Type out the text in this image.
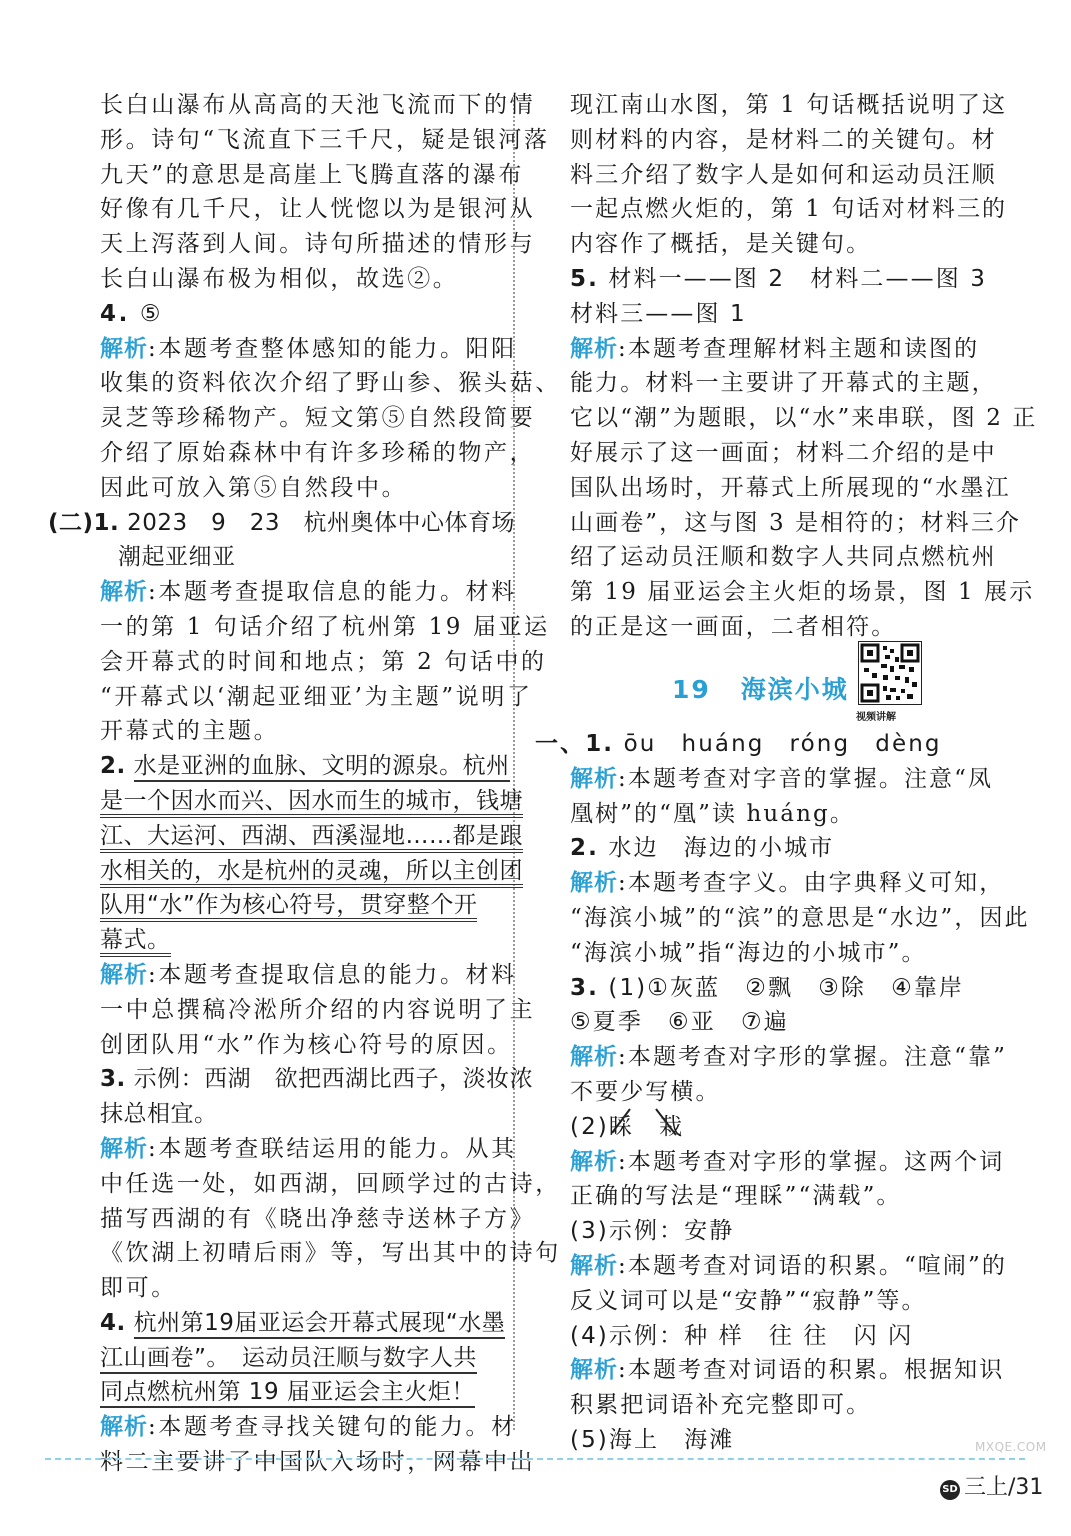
长白山瀑布从高高的天池飞流而下的情
形。诗句“飞流直下三千尺，疑是银河落
九天”的意思是高崖上飞腾直落的瀑布
好像有几千尺，让人恍惚以为是银河从
天上泻落到人间。诗句所描述的情形与
长白山瀑布极为相似，故选②。
4. ⑤
解析:本题考查整体感知的能力。阳阳
收集的资料依次介绍了野山参、猴头菇、
灵芝等珍稀物产。短文第⑤自然段简要
介绍了原始森林中有许多珍稀的物产，
因此可放入第⑤自然段中。
(二)1. 2023　9　23　杭州奥体中心体育场
潮起亚细亚
解析:本题考查提取信息的能力。材料
一的第 1 句话介绍了杭州第 19 届亚运
会开幕式的时间和地点；第 2 句话中的
“开幕式以‘潮起亚细亚’为主题”说明了
开幕式的主题。
2. 水是亚洲的血脉、文明的源泉。杭州
是一个因水而兴、因水而生的城市，钱塘
江、大运河、西湖、西溪湿地……都是跟
水相关的，水是杭州的灵魂，所以主创团
队用“水”作为核心符号，贯穿整个开
幕式。
解析:本题考查提取信息的能力。材料
一中总撰稿冷淞所介绍的内容说明了主
创团队用“水”作为核心符号的原因。
3. 示例：西湖　欲把西湖比西子，淡妆浓
抹总相宜。
解析:本题考查联结运用的能力。从其
中任选一处，如西湖，回顾学过的古诗，
描写西湖的有《晓出净慈寺送林子方》
《饮湖上初晴后雨》等，写出其中的诗句
即可。
4. 杭州第19届亚运会开幕式展现“水墨
江山画卷”。　运动员汪顺与数字人共
同点燃杭州第 19 届亚运会主火炬！
解析:本题考查寻找关键句的能力。材
料二主要讲了中国队入场时，网幕中出
现江南山水图，第 1 句话概括说明了这
则材料的内容，是材料二的关键句。材
料三介绍了数字人是如何和运动员汪顺
一起点燃火炬的，第 1 句话对材料三的
内容作了概括，是关键句。
5. 材料一——图 2　材料二——图 3
材料三——图 1
解析:本题考查理解材料主题和读图的
能力。材料一主要讲了开幕式的主题，
它以“潮”为题眼，以“水”来串联，图 2 正
好展示了这一画面；材料二介绍的是中
国队出场时，开幕式上所展现的“水墨江
山画卷”，这与图 3 是相符的；材料三介
绍了运动员汪顺和数字人共同点燃杭州
第 19 届亚运会主火炬的场景，图 1 展示
的正是这一画面，二者相符。
19 海滨小城
视频讲解
一、1. ōu　huáng　róng　dèng
解析:本题考查对字音的掌握。注意“凤
凰树”的“凰”读 huáng。
2. 水边　海边的小城市
解析:本题考查字义。由字典释义可知，
“海滨小城”的“滨”的意思是“水边”，因此
“海滨小城”指“海边的小城市”。
3. (1)①灰蓝　②飘　③除　④靠岸
⑤夏季　⑥亚　⑦遍
解析:本题考查对字形的掌握。注意“靠”
不要少写横。
(2)睬　栽
解析:本题考查对字形的掌握。这两个词
正确的写法是“理睬”“满载”。
(3)示例：安静
解析:本题考查对词语的积累。“喧闹”的
反义词可以是“安静”“寂静”等。
(4)示例：种 样　往 往　闪 闪
解析:本题考查对词语的积累。根据知识
积累把词语补充完整即可。
(5)海上　海滩	MXQE.COM
SD 三上/31
